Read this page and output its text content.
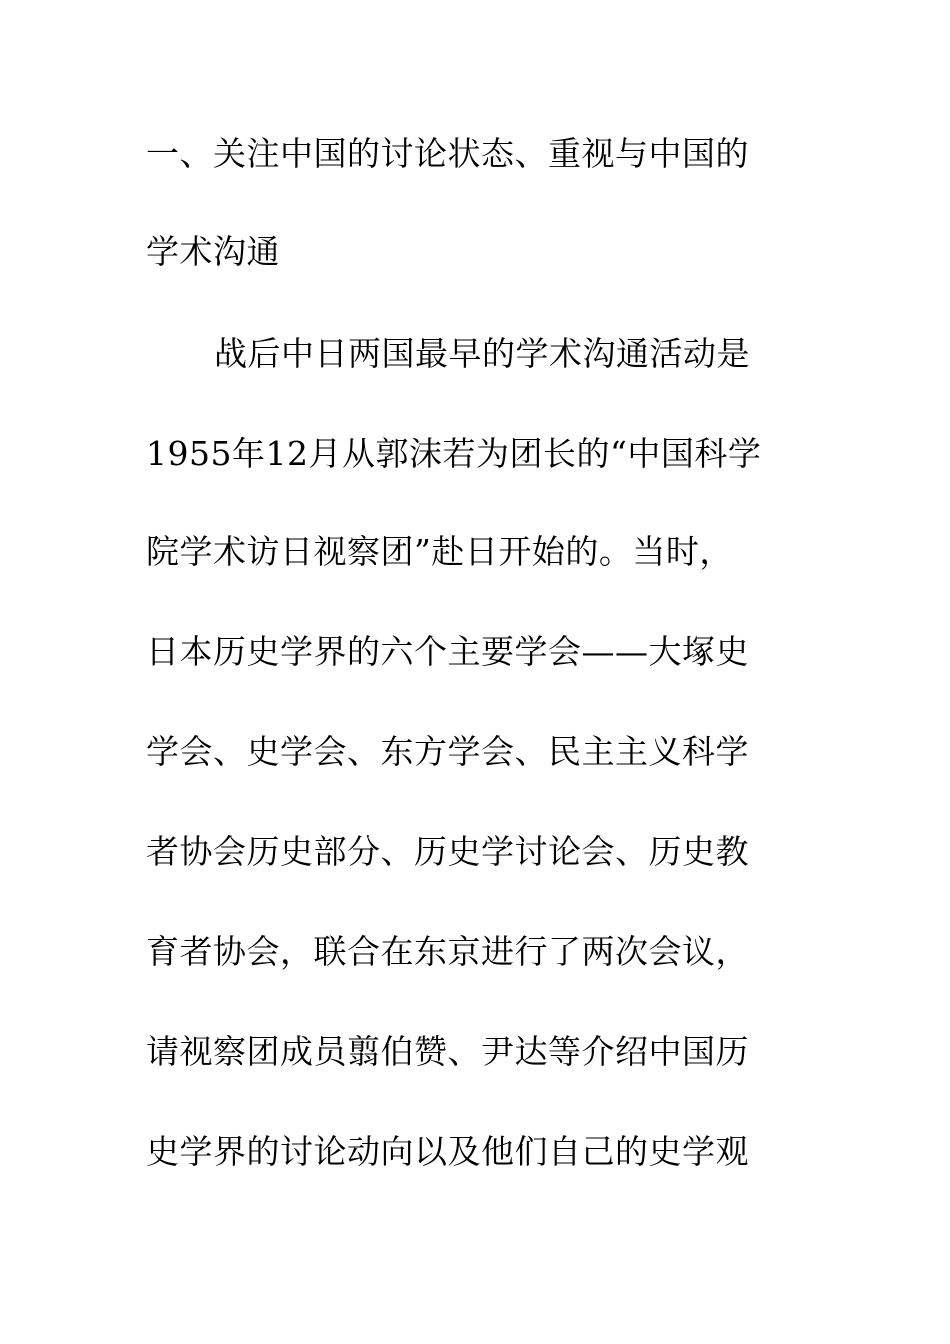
一、关注中国的讨论状态、重视与中国的
学术沟通
战后中日两国最早的学术沟通活动是
1955年12月从郭沫若为团长的“中国科学
院学术访日视察团”赴日开始的。当时，
日本历史学界的六个主要学会——大塚史
学会、史学会、东方学会、民主主义科学
者协会历史部分、历史学讨论会、历史教
育者协会，联合在东京进行了两次会议，
请视察团成员翦伯赞、尹达等介绍中国历
史学界的讨论动向以及他们自己的史学观
